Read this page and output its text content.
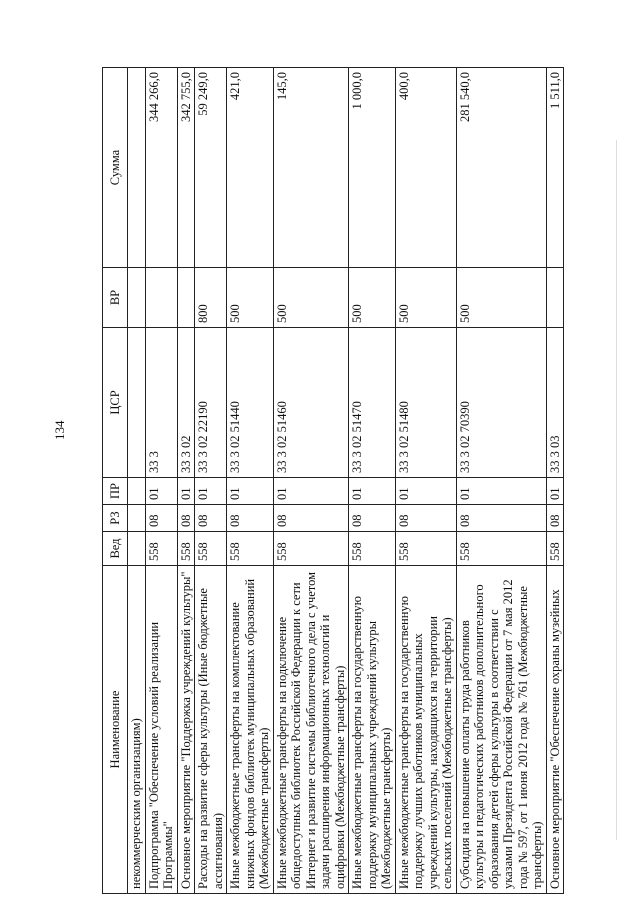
134
Наименование	Вед	РЗ	ПР	ЦСР	ВР	Сумма
некоммерческим организациям)						
Подпрограмма "Обеспечение условий реализации Программы"	558	08	01	33 3		344 266,0
Основное мероприятие "Поддержка учреждений культуры"	558	08	01	33 3 02		342 755,0
Расходы на развитие сферы культуры (Иные бюджетные ассигнования)	558	08	01	33 3 02 22190	800	59 249,0
Иные межбюджетные трансферты на комплектование книжных фондов библиотек муниципальных образований (Межбюджетные трансферты)	558	08	01	33 3 02 51440	500	421,0
Иные межбюджетные трансферты на подключение общедоступных библиотек Российской Федерации к сети Интернет и развитие системы библиотечного дела с учетом задачи расширения информационных технологий и оцифровки (Межбюджетные трансферты)	558	08	01	33 3 02 51460	500	145,0
Иные межбюджетные трансферты на государственную поддержку муниципальных учреждений культуры (Межбюджетные трансферты)	558	08	01	33 3 02 51470	500	1 000,0
Иные межбюджетные трансферты на государственную поддержку лучших работников муниципальных учреждений культуры, находящихся на территории сельских поселений (Межбюджетные трансферты)	558	08	01	33 3 02 51480	500	400,0
Субсидия на повышение оплаты труда работников культуры и педагогических работников дополнительного образования детей сферы культуры в соответствии с указами Президента Российской Федерации от 7 мая 2012 года № 597, от 1 июня 2012 года № 761 (Межбюджетные трансферты)	558	08	01	33 3 02 70390	500	281 540,0
Основное мероприятие "Обеспечение охраны музейных	558	08	01	33 3 03		1 511,0
